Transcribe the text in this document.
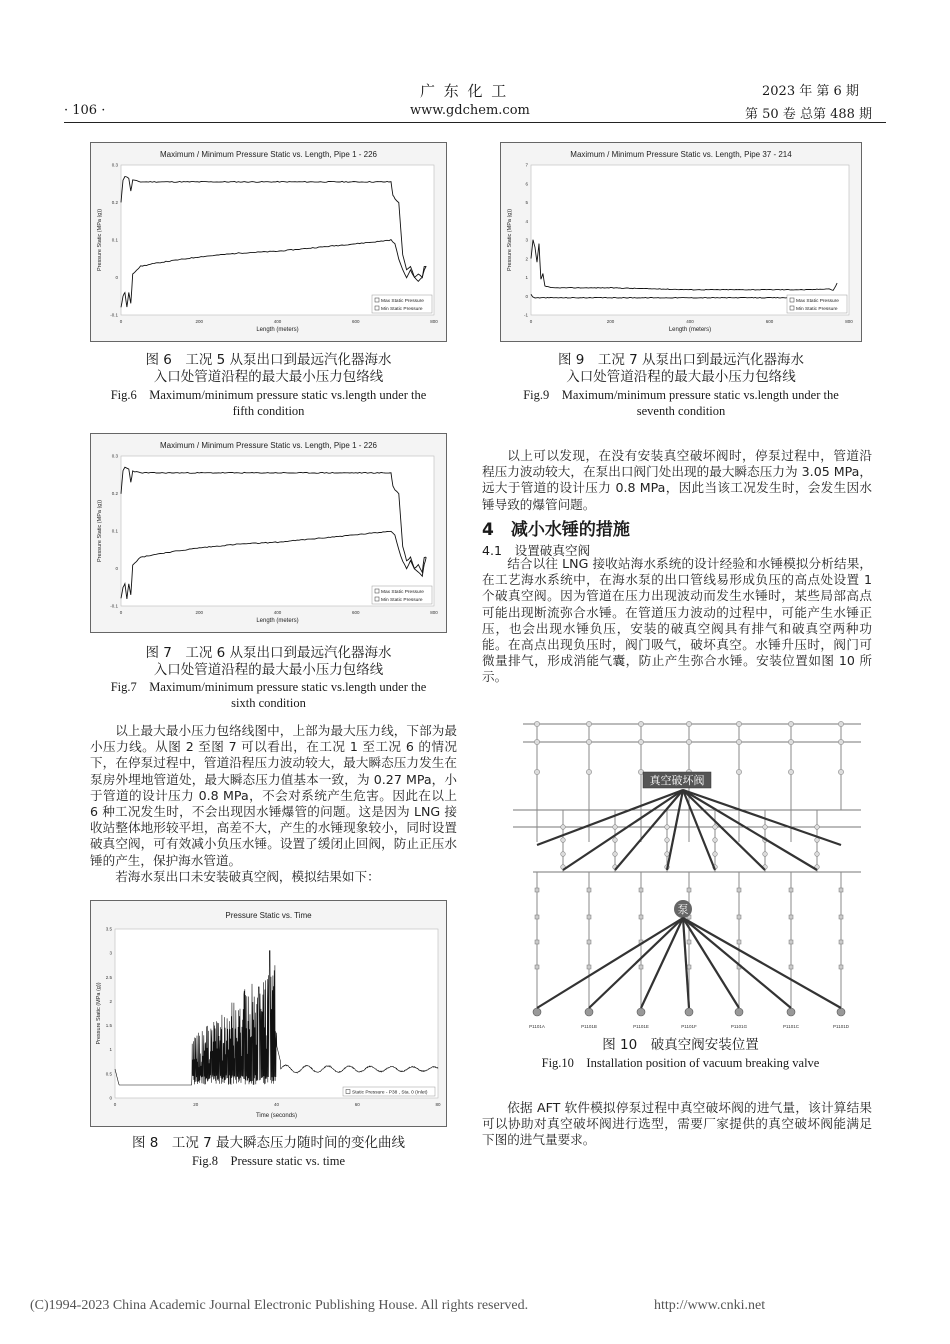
· 106 ·
广 东 化 工
www.gdchem.com
2023 年 第 6 期
第 50 卷 总第 488 期
Maximum / Minimum Pressure Static vs. Length, Pipe 1 - 226
0	200	400	600	800
0.3
0.2
0.1
0
-0.1
Length (meters)
Pressure Static (MPa (g))
Max Static Pressure
Min Static Pressure
图 6　工况 5 从泵出口到最远汽化器海水
入口处管道沿程的最大最小压力包络线
Fig.6　Maximum/minimum pressure static vs.length under the
fifth condition
Maximum / Minimum Pressure Static vs. Length, Pipe 1 - 226
0	200	400	600	800
0.3
0.2
0.1
0
-0.1
Length (meters)
Pressure Static (MPa (g))
Max Static Pressure
Min Static Pressure
图 7　工况 6 从泵出口到最远汽化器海水
入口处管道沿程的最大最小压力包络线
Fig.7　Maximum/minimum pressure static vs.length under the
sixth condition

以上最大最小压力包络线图中，上部为最大压力线，下部为最小压力线。从图 2 至图 7 可以看出，在工况 1 至工况 6 的情况下，在停泵过程中，管道沿程压力波动较大，最大瞬态压力发生在泵房外埋地管道处，最大瞬态压力值基本一致，为 0.27 MPa，小于管道的设计压力 0.8 MPa，不会对系统产生危害。因此在以上 6 种工况发生时，不会出现因水锤爆管的问题。这是因为 LNG 接收站整体地形较平坦，高差不大，产生的水锤现象较小，同时设置破真空阀，可有效减小负压水锤。设置了缓闭止回阀，防止正压水锤的产生，保护海水管道。

若海水泵出口未安装破真空阀，模拟结果如下：

Pressure Static vs. Time
0	20	40	60	80
0
0.5
1
1.5
2
2.5
3
3.5
Time (seconds)
Pressure Static (MPa (g))
Static Pressure - P38 , Sta. 0 (Inlet)
图 8　工况 7 最大瞬态压力随时间的变化曲线
Fig.8　Pressure static vs. time
Maximum / Minimum Pressure Static vs. Length, Pipe 37 - 214
0	200	400	600	800
7
6
5
4
3
2
1
0
-1
Length (meters)
Pressure Static (MPa (g))
Max Static Pressure
Min Static Pressure
图 9　工况 7 从泵出口到最远汽化器海水
入口处管道沿程的最大最小压力包络线
Fig.9　Maximum/minimum pressure static vs.length under the
seventh condition

以上可以发现，在没有安装真空破坏阀时，停泵过程中，管道沿程压力波动较大，在泵出口阀门处出现的最大瞬态压力为 3.05 MPa，远大于管道的设计压力 0.8 MPa，因此当该工况发生时，会发生因水锤导致的爆管问题。

4　减小水锤的措施
4.1　设置破真空阀

结合以往 LNG 接收站海水系统的设计经验和水锤模拟分析结果，在工艺海水系统中，在海水泵的出口管线易形成负压的高点处设置 1 个破真空阀。因为管道在压力出现波动而发生水锤时，某些局部高点可能出现断流弥合水锤。在管道压力波动的过程中，可能产生水锤正压，也会出现水锤负压，安装的破真空阀具有排气和破真空两种功能。在高点出现负压时，阀门吸气，破坏真空。水锤升压时，阀门可微量排气，形成消能气囊，防止产生弥合水锤。安装位置如图 10 所示。

P1101A	P1101B	P1101E	P1101F	P1101G	P1101C	P1101D
真空破坏阀
泵
图 10　破真空阀安装位置
Fig.10　Installation position of vacuum breaking valve

依据 AFT 软件模拟停泵过程中真空破坏阀的进气量，该计算结果可以协助对真空破坏阀进行选型，需要厂家提供的真空破坏阀能满足下图的进气量要求。

(C)1994-2023 China Academic Journal Electronic Publishing House. All rights reserved.	http://www.cnki.net
